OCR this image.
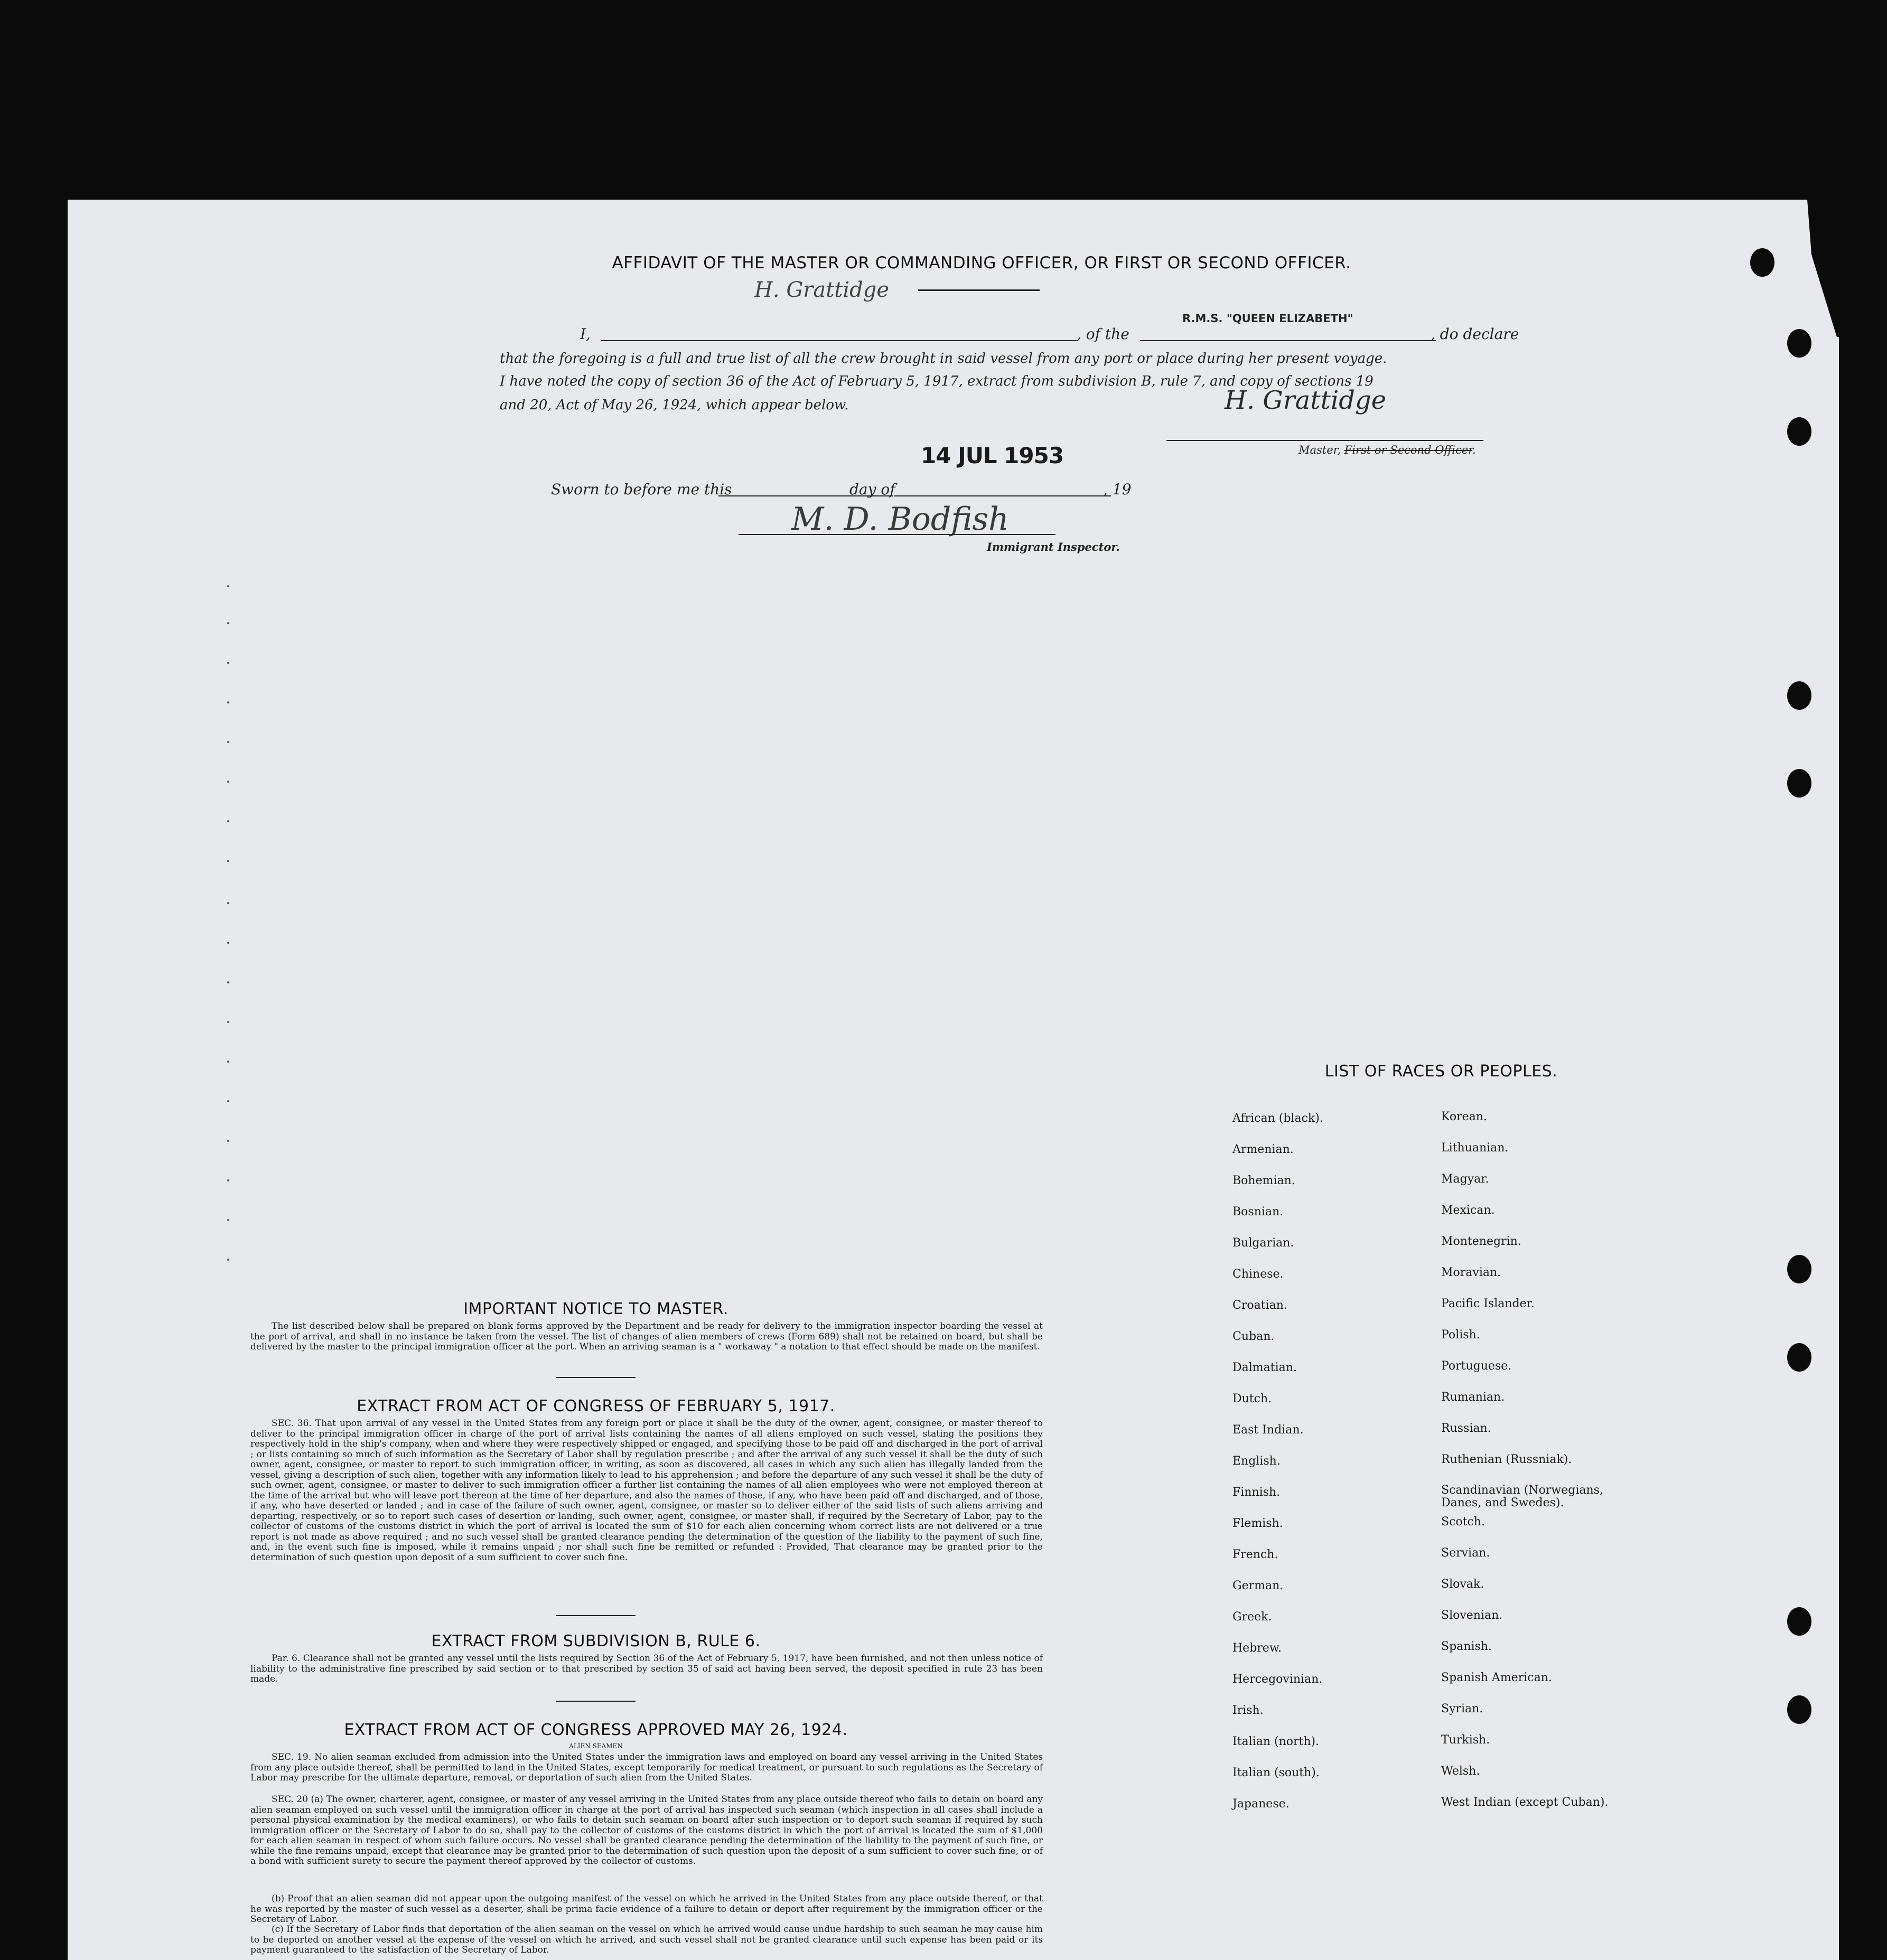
AFFIDAVIT OF THE MASTER OR COMMANDING OFFICER, OR FIRST OR SECOND OFFICER.
H. Grattidge
I,	, of the
R.M.S. "QUEEN ELIZABETH"
, do declare
that the foregoing is a full and true list of all the crew brought in said vessel from any port or place during her present voyage.
I have noted the copy of section 36 of the Act of February 5, 1917, extract from subdivision B, rule 7, and copy of sections 19
and 20, Act of May 26, 1924, which appear below.	H. Grattidge
Master, First or Second Officer.
14 JUL 1953
Sworn to before me this	day of	, 19
M. D. Bodfish
Immigrant Inspector.
IMPORTANT NOTICE TO MASTER.
The list described below shall be prepared on blank forms approved by the Department and be ready for delivery to the immigration inspector boarding the vessel at the port of arrival, and shall in no instance be taken from the vessel. The list of changes of alien members of crews (Form 689) shall not be retained on board, but shall be delivered by the master to the principal immigration officer at the port. When an arriving seaman is a " workaway " a notation to that effect should be made on the manifest.
EXTRACT FROM ACT OF CONGRESS OF FEBRUARY 5, 1917.
SEC. 36. That upon arrival of any vessel in the United States from any foreign port or place it shall be the duty of the owner, agent, consignee, or master thereof to deliver to the principal immigration officer in charge of the port of arrival lists containing the names of all aliens employed on such vessel, stating the positions they respectively hold in the ship's company, when and where they were respectively shipped or engaged, and specifying those to be paid off and discharged in the port of arrival ; or lists containing so much of such information as the Secretary of Labor shall by regulation prescribe ; and after the arrival of any such vessel it shall be the duty of such owner, agent, consignee, or master to report to such immigration officer, in writing, as soon as discovered, all cases in which any such alien has illegally landed from the vessel, giving a description of such alien, together with any information likely to lead to his apprehension ; and before the departure of any such vessel it shall be the duty of such owner, agent, consignee, or master to deliver to such immigration officer a further list containing the names of all alien employees who were not employed thereon at the time of the arrival but who will leave port thereon at the time of her departure, and also the names of those, if any, who have been paid off and discharged, and of those, if any, who have deserted or landed ; and in case of the failure of such owner, agent, consignee, or master so to deliver either of the said lists of such aliens arriving and departing, respectively, or so to report such cases of desertion or landing, such owner, agent, consignee, or master shall, if required by the Secretary of Labor, pay to the collector of customs of the customs district in which the port of arrival is located the sum of $10 for each alien concerning whom correct lists are not delivered or a true report is not made as above required ; and no such vessel shall be granted clearance pending the determination of the question of the liability to the payment of such fine, and, in the event such fine is imposed, while it remains unpaid ; nor shall such fine be remitted or refunded : Provided, That clearance may be granted prior to the determination of such question upon deposit of a sum sufficient to cover such fine.
EXTRACT FROM SUBDIVISION B, RULE 6.
Par. 6. Clearance shall not be granted any vessel until the lists required by Section 36 of the Act of February 5, 1917, have been furnished, and not then unless notice of liability to the administrative fine prescribed by said section or to that prescribed by section 35 of said act having been served, the deposit specified in rule 23 has been made.
EXTRACT FROM ACT OF CONGRESS APPROVED MAY 26, 1924.
ALIEN SEAMEN
SEC. 19. No alien seaman excluded from admission into the United States under the immigration laws and employed on board any vessel arriving in the United States from any place outside thereof, shall be permitted to land in the United States, except temporarily for medical treatment, or pursuant to such regulations as the Secretary of Labor may prescribe for the ultimate departure, removal, or deportation of such alien from the United States.
SEC. 20 (a) The owner, charterer, agent, consignee, or master of any vessel arriving in the United States from any place outside thereof who fails to detain on board any alien seaman employed on such vessel until the immigration officer in charge at the port of arrival has inspected such seaman (which inspection in all cases shall include a personal physical examination by the medical examiners), or who fails to detain such seaman on board after such inspection or to deport such seaman if required by such immigration officer or the Secretary of Labor to do so, shall pay to the collector of customs of the customs district in which the port of arrival is located the sum of $1,000 for each alien seaman in respect of whom such failure occurs. No vessel shall be granted clearance pending the determination of the liability to the payment of such fine, or while the fine remains unpaid, except that clearance may be granted prior to the determination of such question upon the deposit of a sum sufficient to cover such fine, or of a bond with sufficient surety to secure the payment thereof approved by the collector of customs.
(b) Proof that an alien seaman did not appear upon the outgoing manifest of the vessel on which he arrived in the United States from any place outside thereof, or that he was reported by the master of such vessel as a deserter, shall be prima facie evidence of a failure to detain or deport after requirement by the immigration officer or the Secretary of Labor.
(c) If the Secretary of Labor finds that deportation of the alien seaman on the vessel on which he arrived would cause undue hardship to such seaman he may cause him to be deported on another vessel at the expense of the vessel on which he arrived, and such vessel shall not be granted clearance until such expense has been paid or its payment guaranteed to the satisfaction of the Secretary of Labor.
LIST OF RACES OR PEOPLES.
African (black).
Armenian.
Bohemian.
Bosnian.
Bulgarian.
Chinese.
Croatian.
Cuban.
Dalmatian.
Dutch.
East Indian.
English.
Finnish.
Flemish.
French.
German.
Greek.
Hebrew.
Hercegovinian.
Irish.
Italian (north).
Italian (south).
Japanese.
Korean.
Lithuanian.
Magyar.
Mexican.
Montenegrin.
Moravian.
Pacific Islander.
Polish.
Portuguese.
Rumanian.
Russian.
Ruthenian (Russniak).
Scandinavian (Norwegians, Danes, and Swedes).
Scotch.
Servian.
Slovak.
Slovenian.
Spanish.
Spanish American.
Syrian.
Turkish.
Welsh.
West Indian (except Cuban).
